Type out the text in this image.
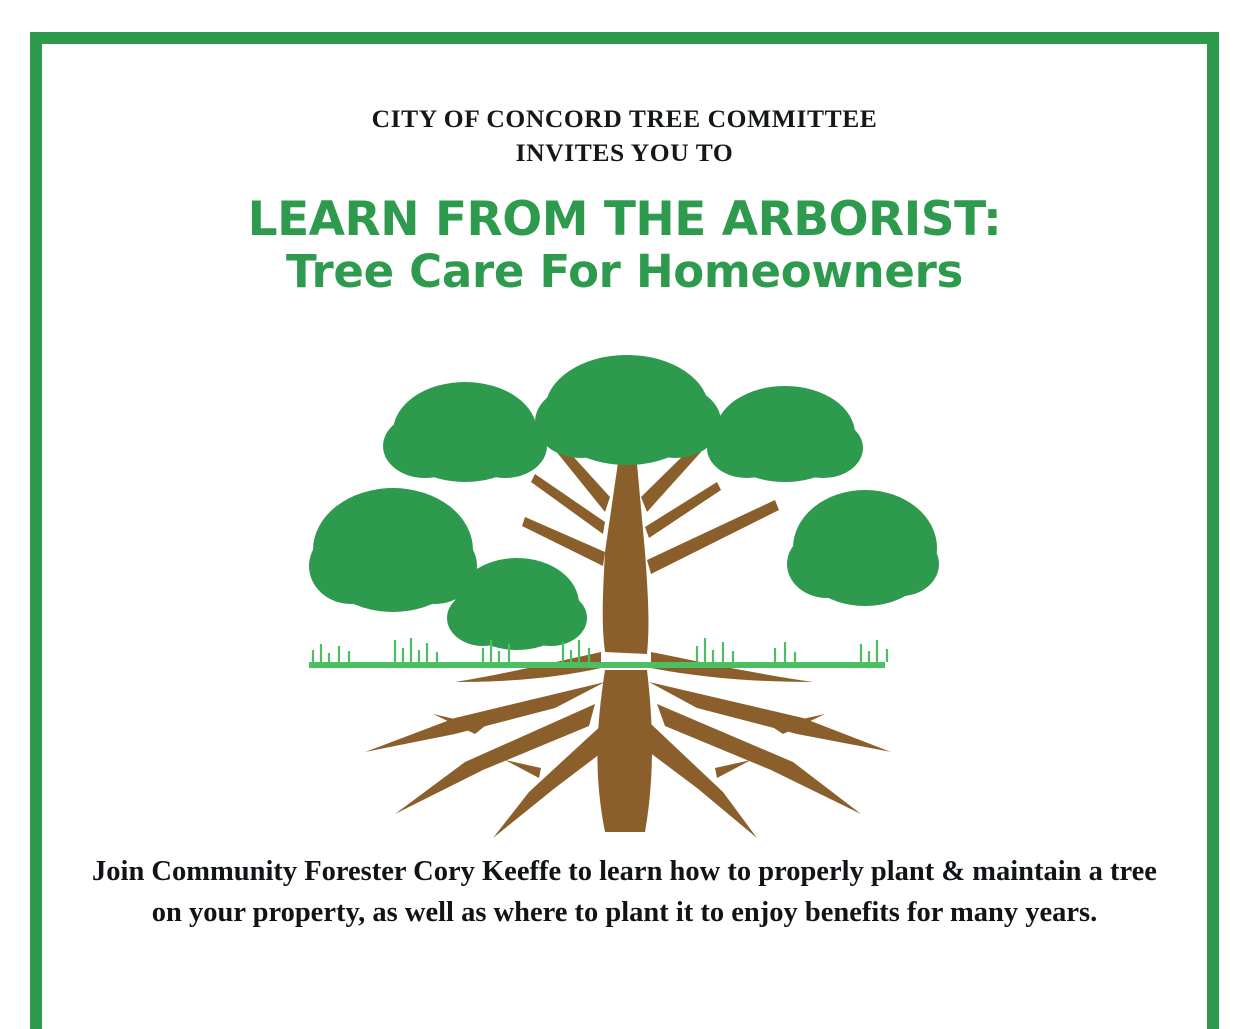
CITY OF CONCORD TREE COMMITTEE
INVITES YOU TO

LEARN FROM THE ARBORIST:
Tree Care For Homeowners

Join Community Forester Cory Keeffe to learn how to properly plant & maintain a tree on your property, as well as where to plant it to enjoy benefits for many years.
